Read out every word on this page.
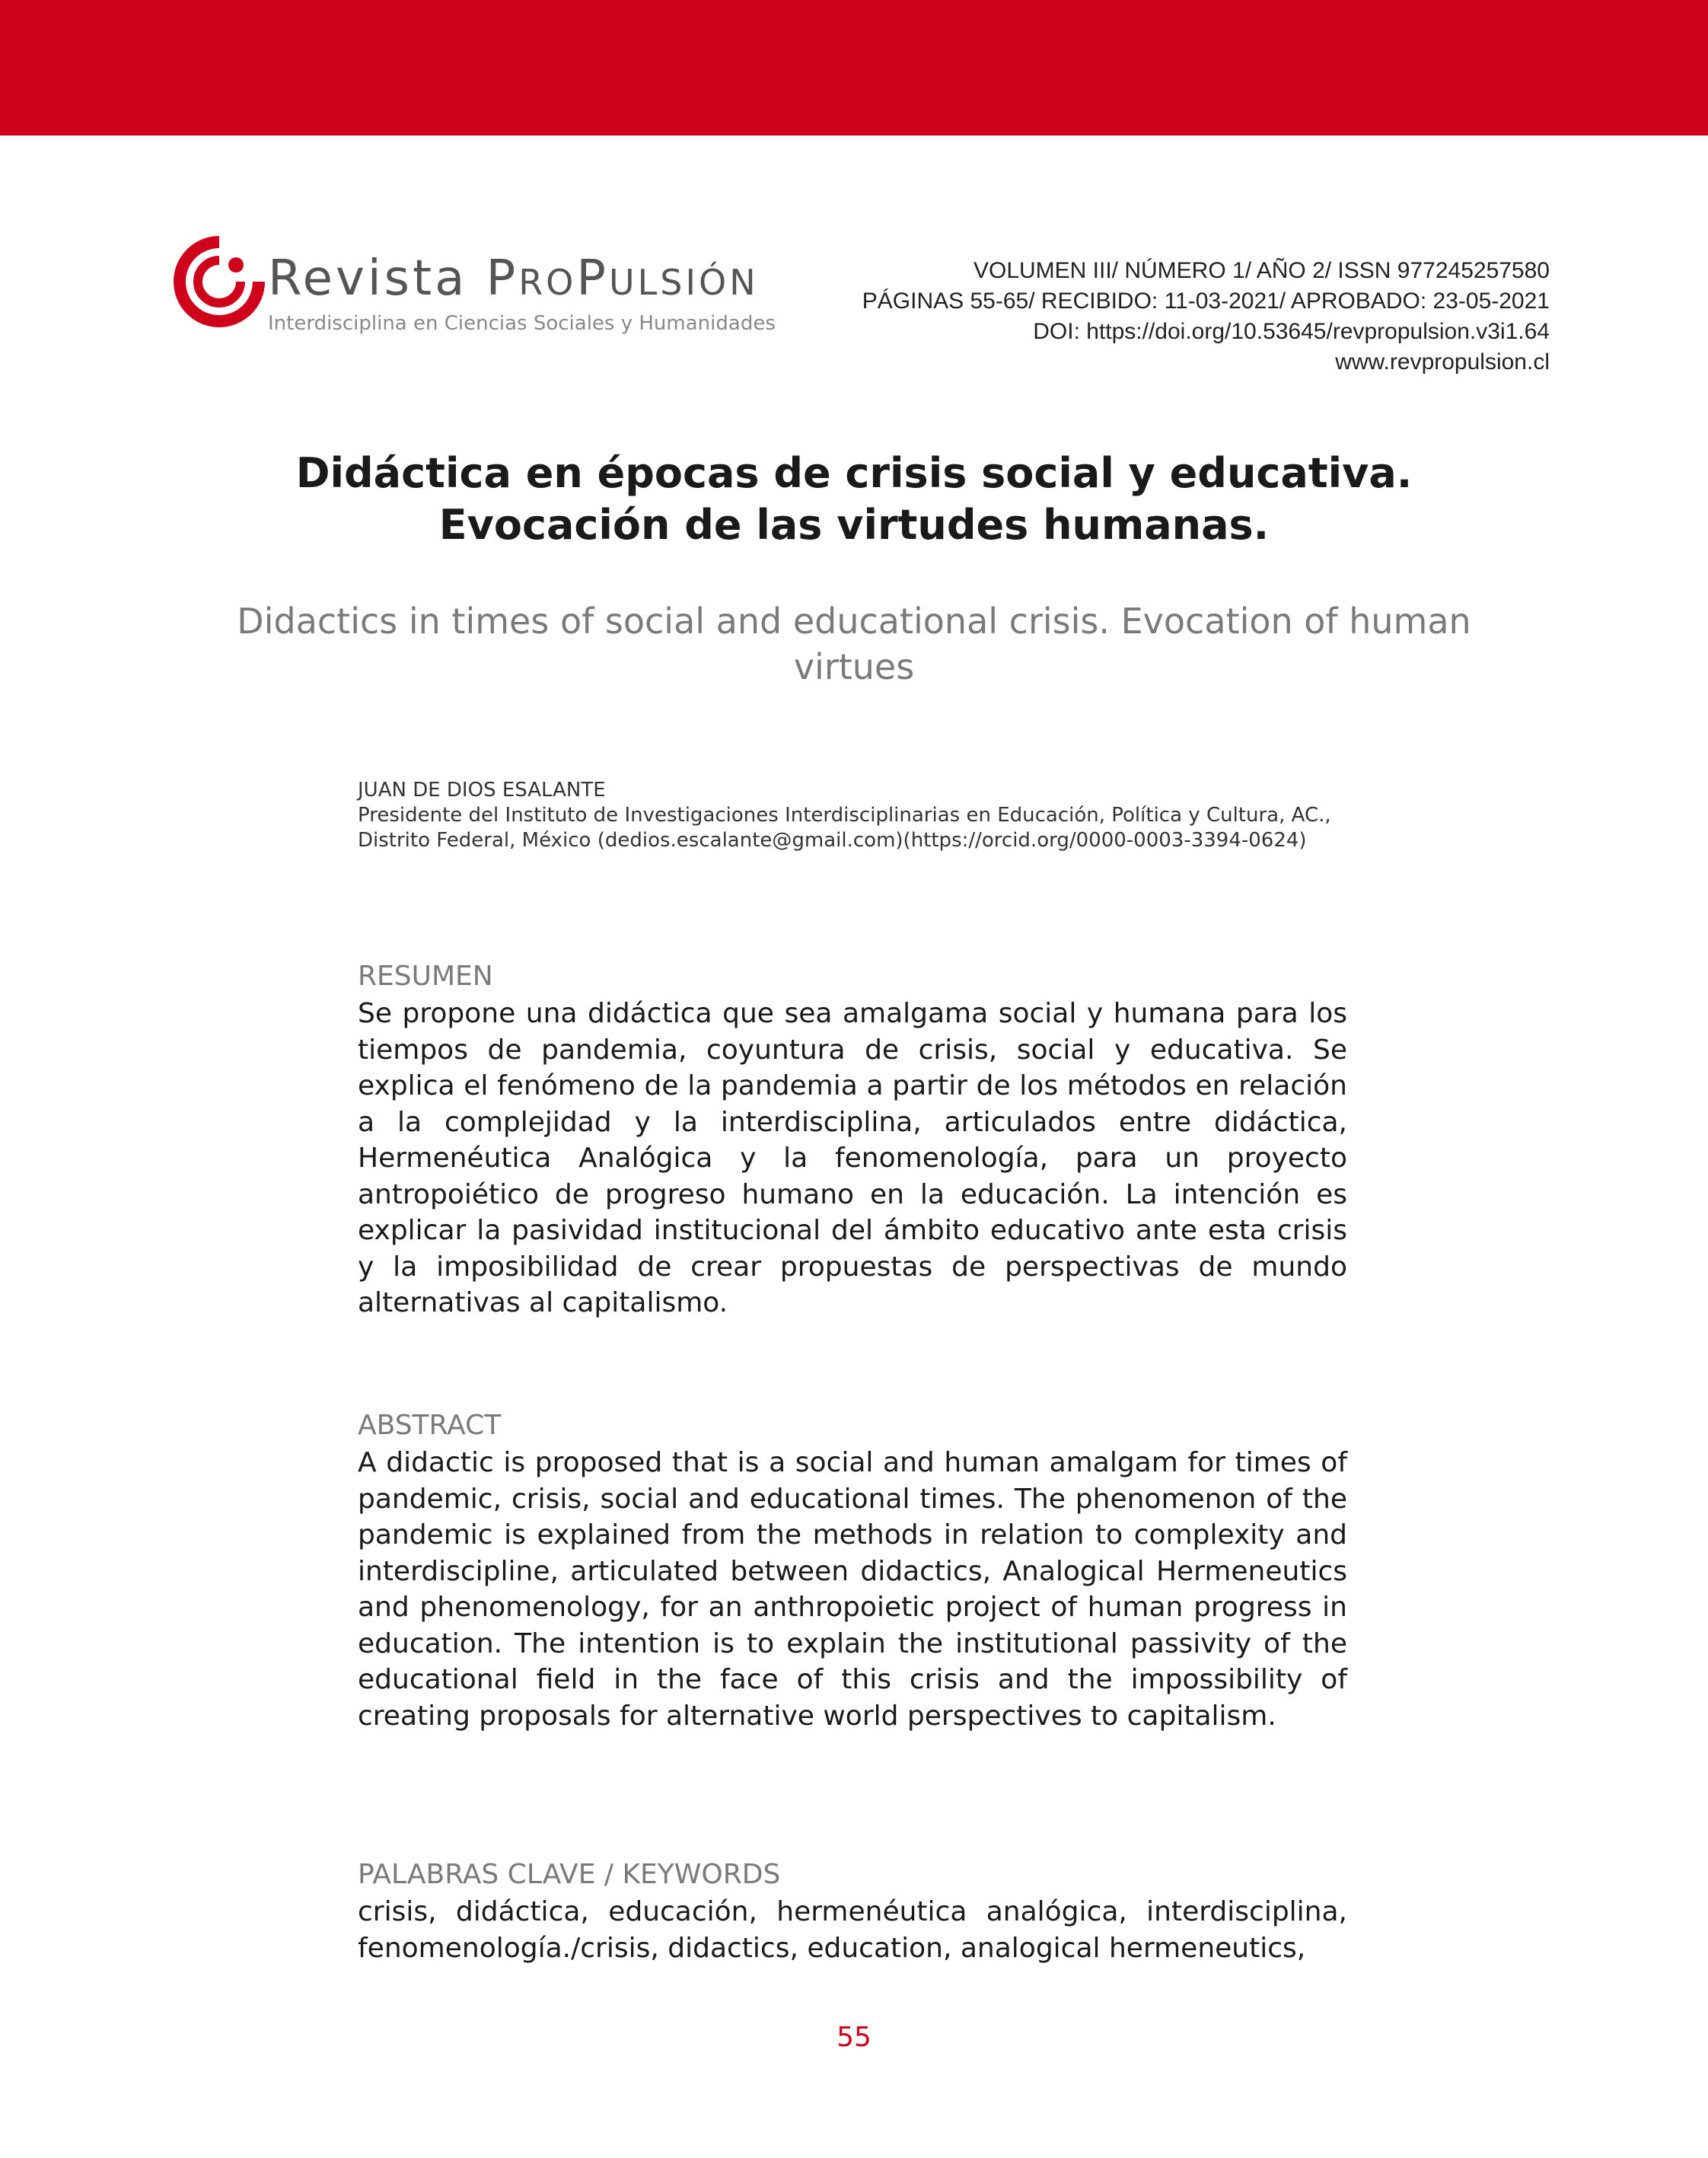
Revista PROPULSIÓN
Interdisciplina en Ciencias Sociales y Humanidades
VOLUMEN III/ NÚMERO 1/ AÑO 2/ ISSN 977245257580
PÁGINAS 55-65/ RECIBIDO: 11-03-2021/ APROBADO: 23-05-2021
DOI: https://doi.org/10.53645/revpropulsion.v3i1.64
www.revpropulsion.cl
Didáctica en épocas de crisis social y educativa.
Evocación de las virtudes humanas.
Didactics in times of social and educational crisis. Evocation of human virtues
JUAN DE DIOS ESALANTE
Presidente del Instituto de Investigaciones Interdisciplinarias en Educación, Política y Cultura, AC., Distrito Federal, México (dedios.escalante@gmail.com)(https://orcid.org/0000-0003-3394-0624)
RESUMEN
Se propone una didáctica que sea amalgama social y humana para los tiempos de pandemia, coyuntura de crisis, social y educativa. Se explica el fenómeno de la pandemia a partir de los métodos en relación a la complejidad y la interdisciplina, articulados entre didáctica, Hermenéutica Analógica y la fenomenología, para un proyecto antropoiético de progreso humano en la educación. La intención es explicar la pasividad institucional del ámbito educativo ante esta crisis y la imposibilidad de crear propuestas de perspectivas de mundo alternativas al capitalismo.
ABSTRACT
A didactic is proposed that is a social and human amalgam for times of pandemic, crisis, social and educational times. The phenomenon of the pandemic is explained from the methods in relation to complexity and interdiscipline, articulated between didactics, Analogical Hermeneutics and phenomenology, for an anthropoietic project of human progress in education. The intention is to explain the institutional passivity of the educational field in the face of this crisis and the impossibility of creating proposals for alternative world perspectives to capitalism.
PALABRAS CLAVE / KEYWORDS
crisis, didáctica, educación, hermenéutica analógica, interdisciplina, fenomenología./crisis, didactics, education, analogical hermeneutics,
55
